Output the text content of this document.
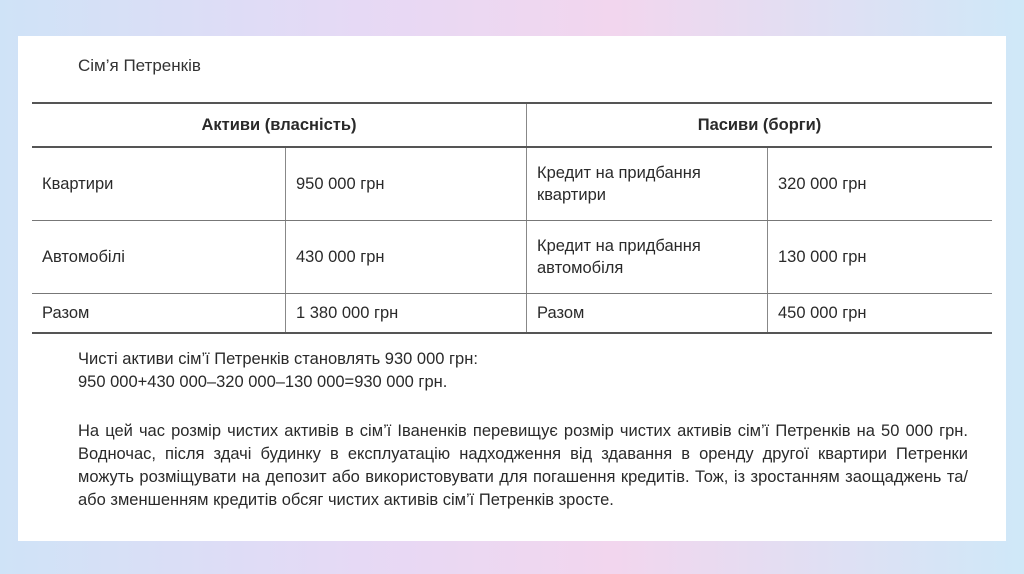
Сім’я Петренків
Активи (власність)		Пасиви (борги)	
Квартири	950 000 грн	Кредит на придбання квартири	320 000 грн
Автомобілі	430 000 грн	Кредит на придбання автомобіля	130 000 грн
Разом	1 380 000 грн	Разом	450 000 грн
Чисті активи сім’ї Петренків становлять 930 000 грн:
950 000+430 000–320 000–130 000=930 000 грн.
На цей час розмір чистих активів в сім’ї Іваненків перевищує розмір чистих активів сім’ї Петренків на 50 000 грн. Водночас, після здачі будинку в експлуатацію надходження від здавання в оренду другої квартири Петренки можуть розміщувати на депозит або використовувати для погашення кредитів. Тож, із зростанням заощаджень та/або зменшенням кредитів обсяг чистих активів сім’ї Петренків зросте.
